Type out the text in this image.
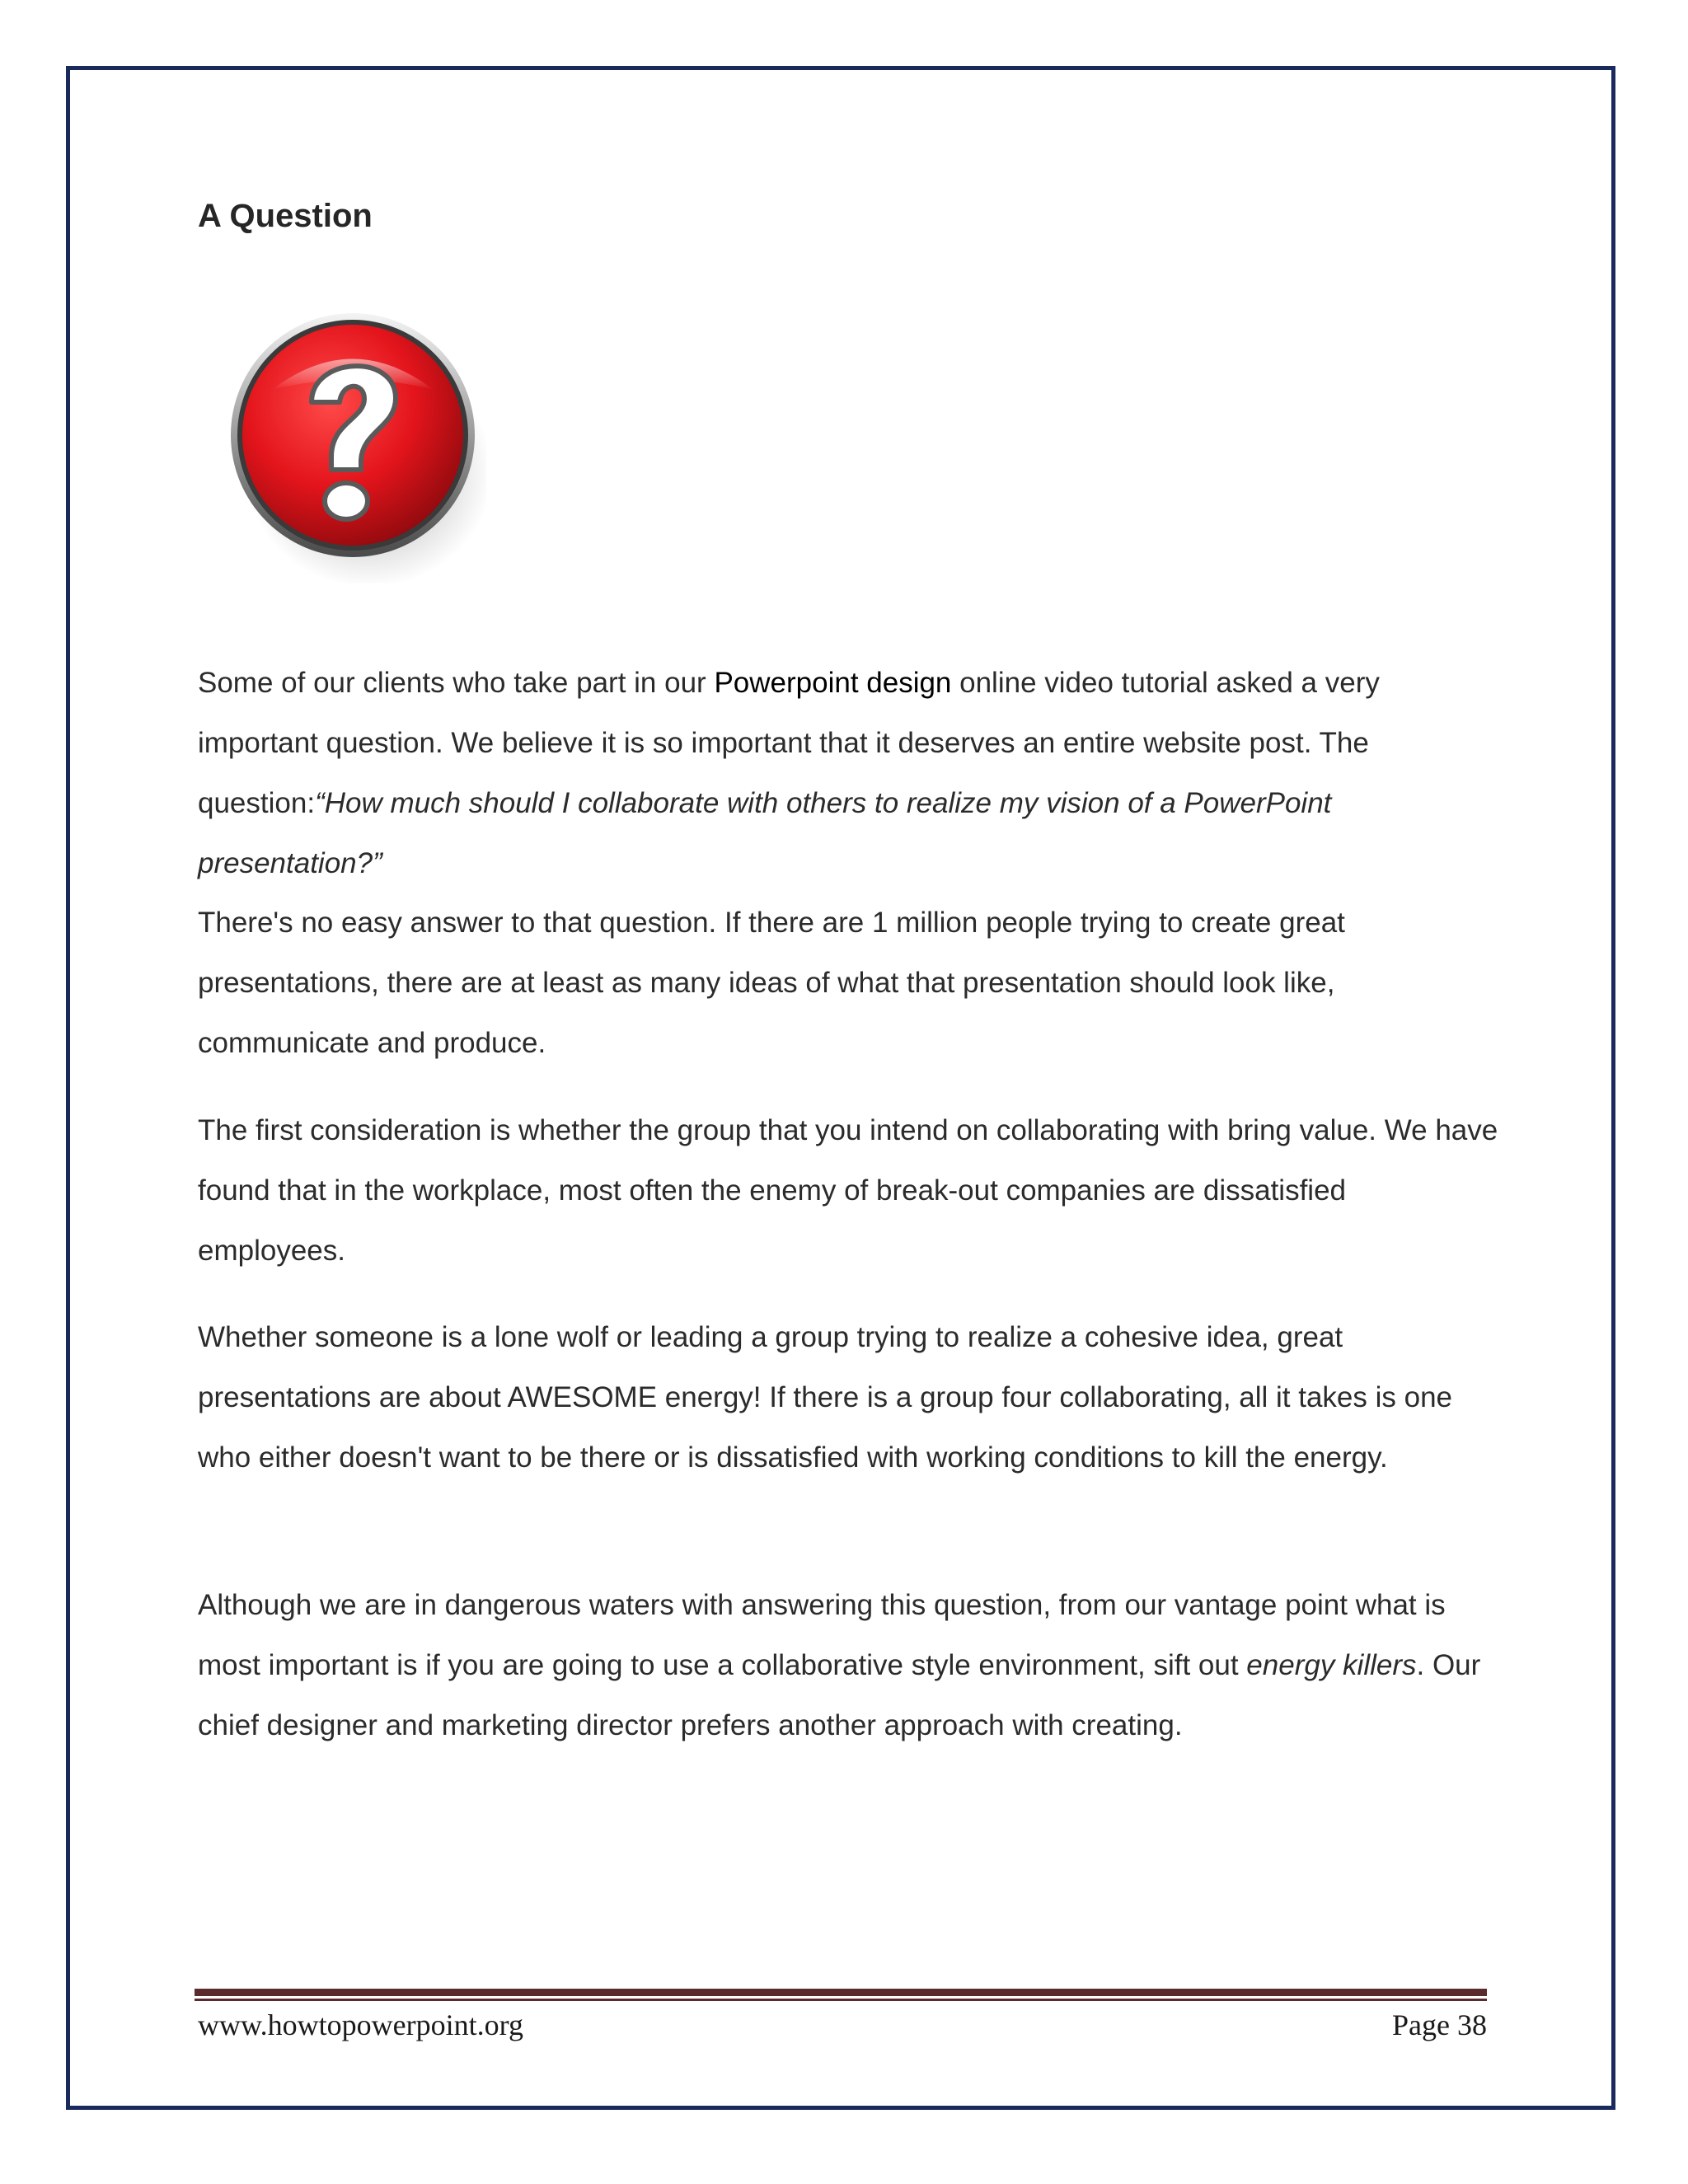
A Question

Some of our clients who take part in our Powerpoint design online video tutorial asked a very important question. We believe it is so important that it deserves an entire website post. The question:“How much should I collaborate with others to realize my vision of a PowerPoint presentation?”

There's no easy answer to that question. If there are 1 million people trying to create great presentations, there are at least as many ideas of what that presentation should look like, communicate and produce.

The first consideration is whether the group that you intend on collaborating with bring value. We have found that in the workplace, most often the enemy of break-out companies are dissatisfied employees.

Whether someone is a lone wolf or leading a group trying to realize a cohesive idea, great presentations are about AWESOME energy! If there is a group four collaborating, all it takes is one who either doesn't want to be there or is dissatisfied with working conditions to kill the energy.

Although we are in dangerous waters with answering this question, from our vantage point what is most important is if you are going to use a collaborative style environment, sift out energy killers. Our chief designer and marketing director prefers another approach with creating.

www.howtopowerpoint.org	Page 38
